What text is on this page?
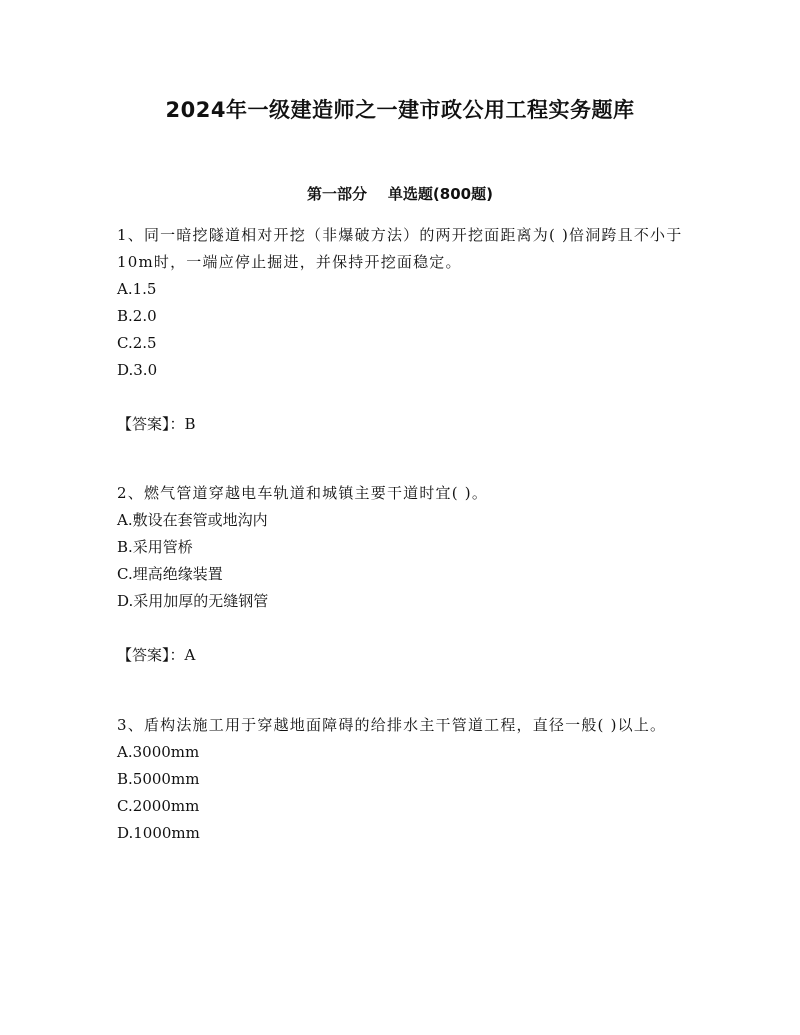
2024年一级建造师之一建市政公用工程实务题库
第一部分    单选题(800题)

1、同一暗挖隧道相对开挖（非爆破方法）的两开挖面距离为( )倍洞跨且不小于10m时，一端应停止掘进，并保持开挖面稳定。

A.1.5
B.2.0
C.2.5
D.3.0

【答案】：B

2、燃气管道穿越电车轨道和城镇主要干道时宜( )。

A.敷设在套管或地沟内
B.采用管桥
C.埋高绝缘装置
D.采用加厚的无缝钢管

【答案】：A

3、盾构法施工用于穿越地面障碍的给排水主干管道工程，直径一般( )以上。

A.3000mm
B.5000mm
C.2000mm
D.1000mm
